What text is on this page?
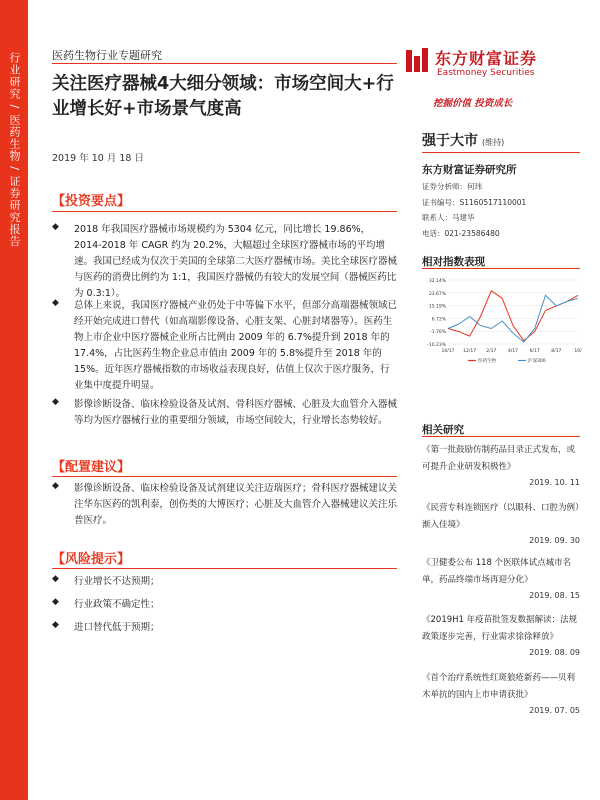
行业研究 / 医药生物 / 证券研究报告	医药生物行业专题研究
关注医疗器械4大细分领域：市场空间大+行业增长好+市场景气度高
2019 年 10 月 18 日
东方财富证券
Eastmoney Securities
挖掘价值 投资成长
强于大市 (维持)
东方财富证券研究所
证券分析师：何玮
证书编号：S1160517110001
联系人：马建华
电话：021-23586480
相对指数表现
32.14%
23.67%
15.19%
6.72%
-1.76%
-10.23%
10/17 12/17 2/17	4/17	6/17	8/17	10/
医药生物	沪深300
相关研究
《第一批鼓励仿制药品目录正式发布，或可提升企业研发积极性》
2019. 10. 11
《民营专科连锁医疗（以眼科、口腔为例）渐入佳境》
2019. 09. 30
《卫健委公布 118 个医联体试点城市名单，药品终端市场再迎分化》
2019. 08. 15
《2019H1 年疫苗批签发数据解读：法规政策逐步完善，行业需求徐徐释放》
2019. 08. 09
《首个治疗系统性红斑狼疮新药——贝利木单抗的国内上市申请获批》
2019. 07. 05
【投资要点】
◆ 2018 年我国医疗器械市场规模约为 5304 亿元，同比增长 19.86%，2014-2018 年 CAGR 约为 20.2%，大幅超过全球医疗器械市场的平均增速。我国已经成为仅次于美国的全球第二大医疗器械市场。美比全球医疗器械与医药的消费比例约为 1:1，我国医疗器械仍有较大的发展空间（器械医药比为 0.3:1）。
◆ 总体上来说，我国医疗器械产业仍处于中等偏下水平，但部分高端器械领域已经开始完成进口替代（如高端影像设备、心脏支架、心脏封堵器等）。医药生物上市企业中医疗器械企业所占比例由 2009 年的 6.7%提升到 2018 年的 17.4%，占比医药生物企业总市值由 2009 年的 5.8%提升至 2018 年的 15%。近年医疗器械指数的市场收益表现良好，估值上仅次于医疗服务，行业集中度提升明显。
◆ 影像诊断设备、临床检验设备及试剂、骨科医疗器械、心脏及大血管介入器械等均为医疗器械行业的重要细分领域，市场空间较大，行业增长态势较好。
【配置建议】
◆ 影像诊断设备、临床检验设备及试剂建议关注迈瑞医疗；骨科医疗器械建议关注华东医药的凯利泰，创伤类的大博医疗；心脏及大血管介入器械建议关注乐普医疗。
【风险提示】
◆ 行业增长不达预期；
◆ 行业政策不确定性；
◆ 进口替代低于预期；
